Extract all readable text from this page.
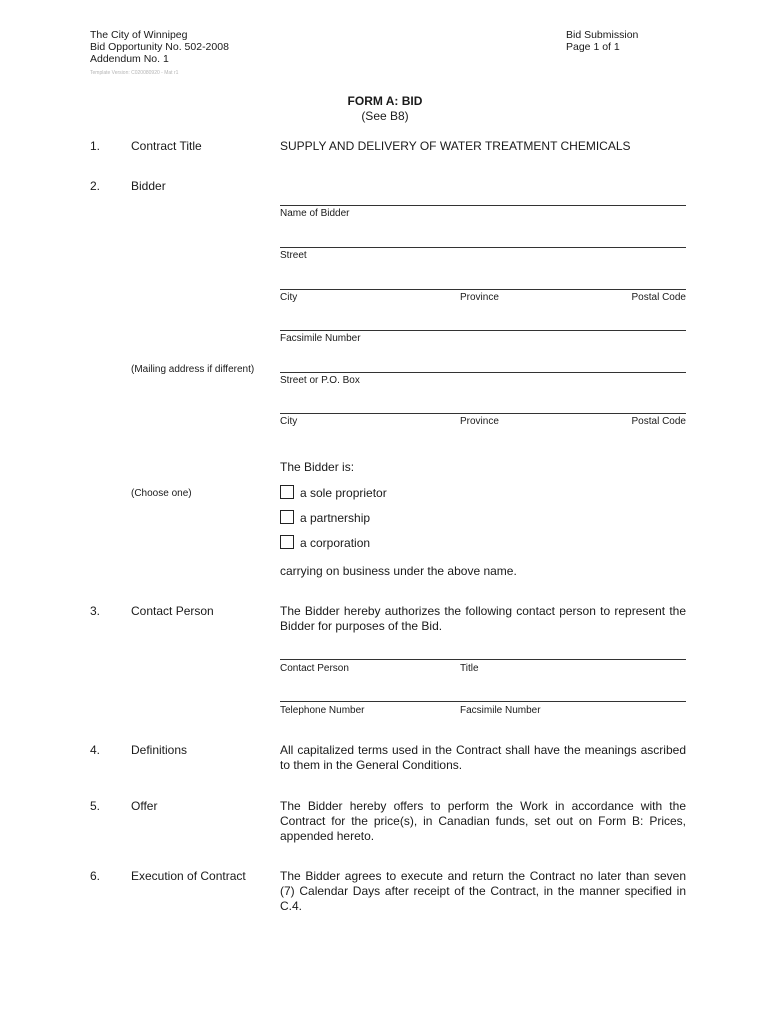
The City of Winnipeg
Bid Opportunity No. 502-2008
Addendum No. 1
Bid Submission
Page 1 of 1
Template Version: C020080920 - Mat r1
FORM A: BID
(See B8)
1.	Contract Title	SUPPLY AND DELIVERY OF WATER TREATMENT CHEMICALS
2.	Bidder
Name of Bidder
Street
City	Province	Postal Code
Facsimile Number
(Mailing address if different)
Street or P.O. Box
City	Province	Postal Code
The Bidder is:
(Choose one)	a sole proprietor
a partnership
a corporation
carrying on business under the above name.
3.	Contact Person	The Bidder hereby authorizes the following contact person to represent the Bidder for purposes of the Bid.
Contact Person	Title
Telephone Number	Facsimile Number
4.	Definitions	All capitalized terms used in the Contract shall have the meanings ascribed to them in the General Conditions.
5.	Offer	The Bidder hereby offers to perform the Work in accordance with the Contract for the price(s), in Canadian funds, set out on Form B: Prices, appended hereto.
6.	Execution of Contract	The Bidder agrees to execute and return the Contract no later than seven (7) Calendar Days after receipt of the Contract, in the manner specified in C.4.
